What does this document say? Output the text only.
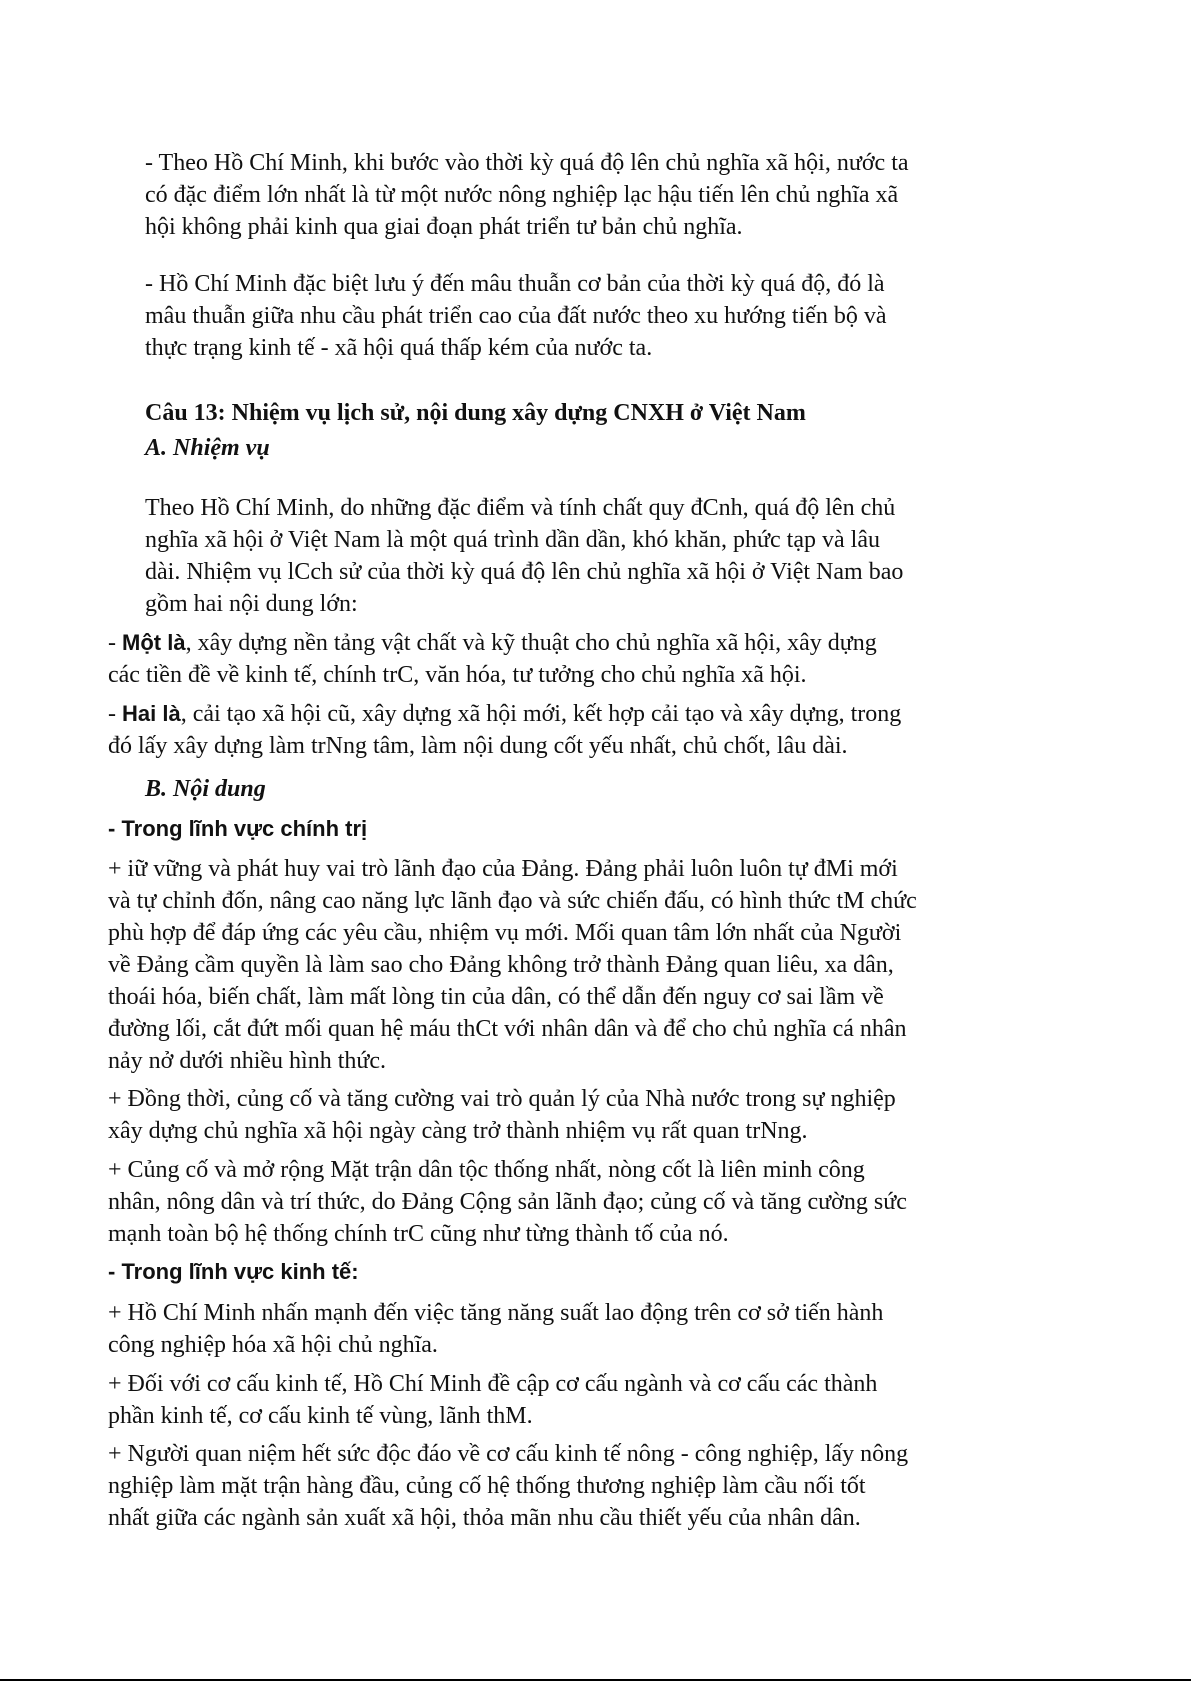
- Theo Hồ Chí Minh, khi bước vào thời kỳ quá độ lên chủ nghĩa xã hội, nước ta

có đặc điểm lớn nhất là từ một nước nông nghiệp lạc hậu tiến lên chủ nghĩa xã

hội không phải kinh qua giai đoạn phát triển tư bản chủ nghĩa.

- Hồ Chí Minh đặc biệt lưu ý đến mâu thuẫn cơ bản của thời kỳ quá độ, đó là

mâu thuẫn giữa nhu cầu phát triển cao của đất nước theo xu hướng tiến bộ và

thực trạng kinh tế - xã hội quá thấp kém của nước ta.

Câu 13: Nhiệm vụ lịch sử, nội dung xây dựng CNXH ở Việt Nam
A. Nhiệm vụ

Theo Hồ Chí Minh, do những đặc điểm và tính chất quy đCnh, quá độ lên chủ

nghĩa xã hội ở Việt Nam là một quá trình dần dần, khó khăn, phức tạp và lâu

dài. Nhiệm vụ lCch sử của thời kỳ quá độ lên chủ nghĩa xã hội ở Việt Nam bao

gồm hai nội dung lớn:

- Một là, xây dựng nền tảng vật chất và kỹ thuật cho chủ nghĩa xã hội, xây dựng

các tiền đề về kinh tế, chính trC, văn hóa, tư tưởng cho chủ nghĩa xã hội.

- Hai là, cải tạo xã hội cũ, xây dựng xã hội mới, kết hợp cải tạo và xây dựng, trong

đó lấy xây dựng làm trNng tâm, làm nội dung cốt yếu nhất, chủ chốt, lâu dài.

B. Nội dung
- Trong lĩnh vực chính trị

+ iữ vững và phát huy vai trò lãnh đạo của Đảng. Đảng phải luôn luôn tự đMi mới

và tự chỉnh đốn, nâng cao năng lực lãnh đạo và sức chiến đấu, có hình thức tM chức

phù hợp để đáp ứng các yêu cầu, nhiệm vụ mới. Mối quan tâm lớn nhất của Người

về Đảng cầm quyền là làm sao cho Đảng không trở thành Đảng quan liêu, xa dân,

thoái hóa, biến chất, làm mất lòng tin của dân, có thể dẫn đến nguy cơ sai lầm về

đường lối, cắt đứt mối quan hệ máu thCt với nhân dân và để cho chủ nghĩa cá nhân

nảy nở dưới nhiều hình thức.

+ Đồng thời, củng cố và tăng cường vai trò quản lý của Nhà nước trong sự nghiệp

xây dựng chủ nghĩa xã hội ngày càng trở thành nhiệm vụ rất quan trNng.

+ Củng cố và mở rộng Mặt trận dân tộc thống nhất, nòng cốt là liên minh công

nhân, nông dân và trí thức, do Đảng Cộng sản lãnh đạo; củng cố và tăng cường sức

mạnh toàn bộ hệ thống chính trC cũng như từng thành tố của nó.

- Trong lĩnh vực kinh tế:

+ Hồ Chí Minh nhấn mạnh đến việc tăng năng suất lao động trên cơ sở tiến hành

công nghiệp hóa xã hội chủ nghĩa.

+ Đối với cơ cấu kinh tế, Hồ Chí Minh đề cập cơ cấu ngành và cơ cấu các thành

phần kinh tế, cơ cấu kinh tế vùng, lãnh thM.

+ Người quan niệm hết sức độc đáo về cơ cấu kinh tế nông - công nghiệp, lấy nông

nghiệp làm mặt trận hàng đầu, củng cố hệ thống thương nghiệp làm cầu nối tốt

nhất giữa các ngành sản xuất xã hội, thỏa mãn nhu cầu thiết yếu của nhân dân.
